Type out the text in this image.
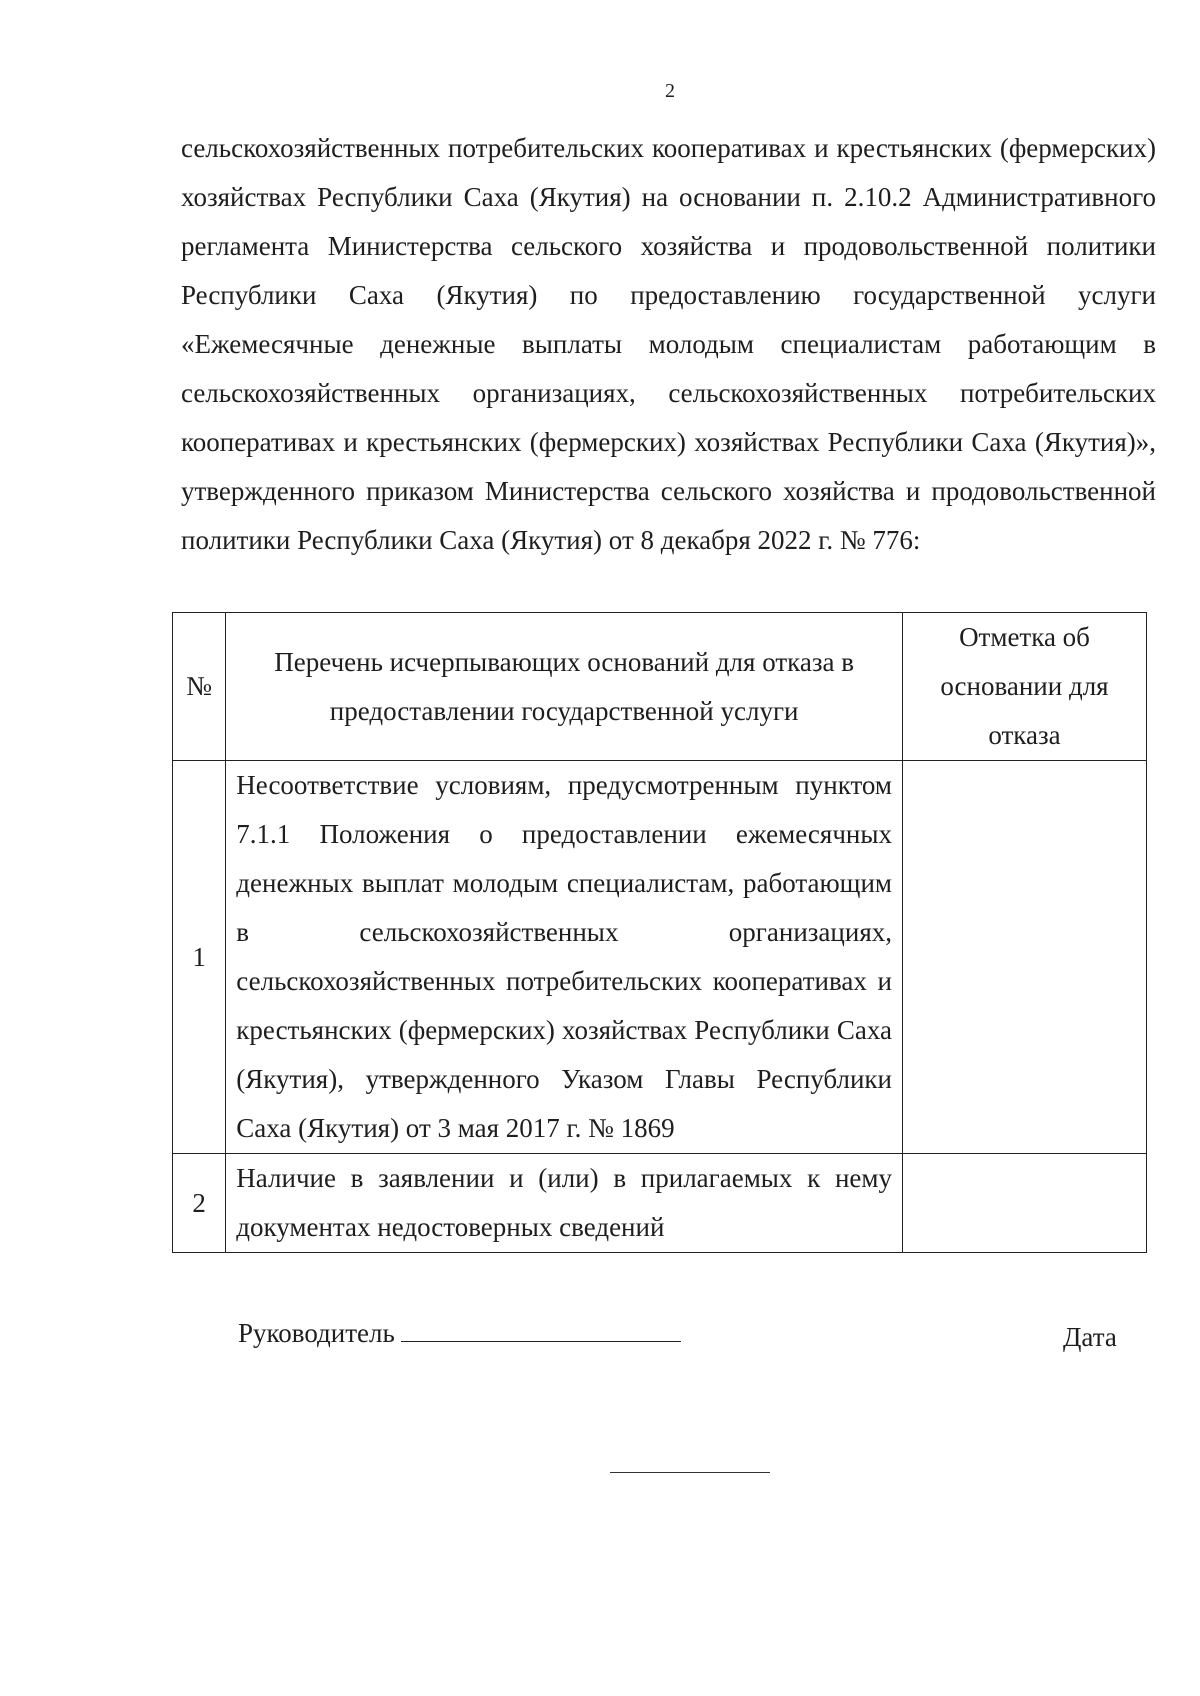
2

сельскохозяйственных потребительских кооперативах и крестьянских (фермерских) хозяйствах Республики Саха (Якутия) на основании п. 2.10.2 Административного регламента Министерства сельского хозяйства и продовольственной политики Республики Саха (Якутия) по предоставлению государственной услуги «Ежемесячные денежные выплаты молодым специалистам работающим в сельскохозяйственных организациях, сельскохозяйственных потребительских кооперативах и крестьянских (фермерских) хозяйствах Республики Саха (Якутия)», утвержденного приказом Министерства сельского хозяйства и продовольственной политики Республики Саха (Якутия) от 8 декабря 2022 г. № 776:

№	Перечень исчерпывающих оснований для отказа в предоставлении государственной услуги	Отметка об основании для отказа
1	Несоответствие условиям, предусмотренным пунктом 7.1.1 Положения о предоставлении ежемесячных денежных выплат молодым специалистам, работающим в сельскохозяйственных организациях, сельскохозяйственных потребительских кооперативах и крестьянских (фермерских) хозяйствах Республики Саха (Якутия), утвержденного Указом Главы Республики Саха (Якутия) от 3 мая 2017 г. № 1869	

2	Наличие в заявлении и (или) в прилагаемых к нему документах недостоверных сведений	

Руководитель	Дата
